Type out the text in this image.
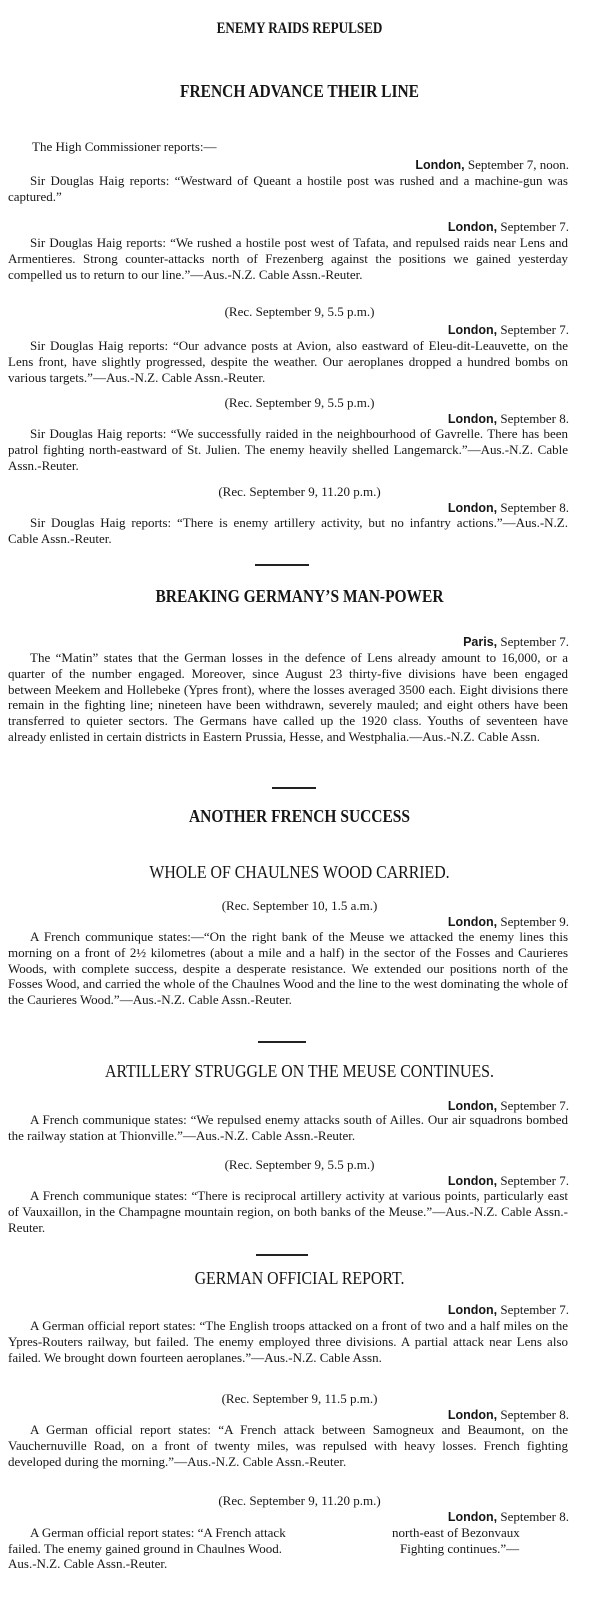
ENEMY RAIDS REPULSED
FRENCH ADVANCE THEIR LINE
The High Commissioner reports:—
London, September 7, noon.
Sir Douglas Haig reports: “Westward of Queant a hostile post was rushed and a machine-gun was captured.”
London, September 7.
Sir Douglas Haig reports: “We rushed a hostile post west of Tafata, and repulsed raids near Lens and Armentieres. Strong counter-attacks north of Frezenberg against the positions we gained yesterday compelled us to return to our line.”—Aus.-N.Z. Cable Assn.-Reuter.
(Rec. September 9, 5.5 p.m.)
London, September 7.
Sir Douglas Haig reports: “Our advance posts at Avion, also eastward of Eleu-dit-Leauvette, on the Lens front, have slightly progressed, despite the weather. Our aeroplanes dropped a hundred bombs on various targets.”—Aus.-N.Z. Cable Assn.-Reuter.
(Rec. September 9, 5.5 p.m.)
London, September 8.
Sir Douglas Haig reports: “We successfully raided in the neighbourhood of Gavrelle. There has been patrol fighting north-eastward of St. Julien. The enemy heavily shelled Langemarck.”—Aus.-N.Z. Cable Assn.-Reuter.
(Rec. September 9, 11.20 p.m.)
London, September 8.
Sir Douglas Haig reports: “There is enemy artillery activity, but no infantry actions.”—Aus.-N.Z. Cable Assn.-Reuter.
BREAKING GERMANY’S MAN-POWER
Paris, September 7.
The “Matin” states that the German losses in the defence of Lens already amount to 16,000, or a quarter of the number engaged. Moreover, since August 23 thirty-five divisions have been engaged between Meekem and Hollebeke (Ypres front), where the losses averaged 3500 each. Eight divisions there remain in the fighting line; nineteen have been withdrawn, severely mauled; and eight others have been transferred to quieter sectors. The Germans have called up the 1920 class. Youths of seventeen have already enlisted in certain districts in Eastern Prussia, Hesse, and Westphalia.—Aus.-N.Z. Cable Assn.
ANOTHER FRENCH SUCCESS
WHOLE OF CHAULNES WOOD CARRIED.
(Rec. September 10, 1.5 a.m.)
London, September 9.
A French communique states:—“On the right bank of the Meuse we attacked the enemy lines this morning on a front of 2½ kilometres (about a mile and a half) in the sector of the Fosses and Caurieres Woods, with complete success, despite a desperate resistance. We extended our positions north of the Fosses Wood, and carried the whole of the Chaulnes Wood and the line to the west dominating the whole of the Caurieres Wood.”—Aus.-N.Z. Cable Assn.-Reuter.
ARTILLERY STRUGGLE ON THE MEUSE CONTINUES.
London, September 7.
A French communique states: “We repulsed enemy attacks south of Ailles. Our air squadrons bombed the railway station at Thionville.”—Aus.-N.Z. Cable Assn.-Reuter.
(Rec. September 9, 5.5 p.m.)
London, September 7.
A French communique states: “There is reciprocal artillery activity at various points, particularly east of Vauxaillon, in the Champagne mountain region, on both banks of the Meuse.”—Aus.-N.Z. Cable Assn.-Reuter.
GERMAN OFFICIAL REPORT.
London, September 7.
A German official report states: “The English troops attacked on a front of two and a half miles on the Ypres-Routers railway, but failed. The enemy employed three divisions. A partial attack near Lens also failed. We brought down fourteen aeroplanes.”—Aus.-N.Z. Cable Assn.
(Rec. September 9, 11.5 p.m.)
London, September 8.
A German official report states: “A French attack between Samogneux and Beaumont, on the Vauchernuville Road, on a front of twenty miles, was repulsed with heavy losses. French fighting developed during the morning.”—Aus.-N.Z. Cable Assn.-Reuter.
(Rec. September 9, 11.20 p.m.)
London, September 8.
A German official report states: “A French attack	north-east of Bezonvaux
failed. The enemy gained ground in Chaulnes Wood.	Fighting continues.”—
Aus.-N.Z. Cable Assn.-Reuter.
